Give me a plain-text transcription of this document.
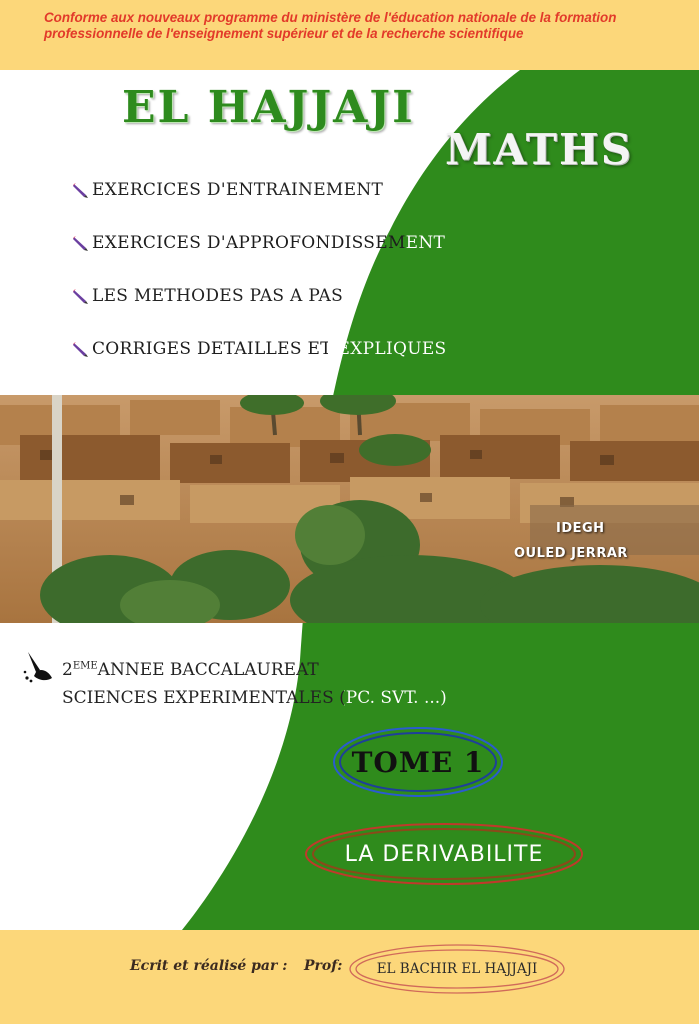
Conforme aux nouveaux programme du ministère de l'éducation nationale de la formation
professionnelle de l'enseignement supérieur et de la recherche scientifique
EL HAJJAJI
MATHS
EXERCICES D'ENTRAINEMENT
EXERCICES D'APPROFONDISSEMENT
LES METHODES PAS A PAS
CORRIGES DETAILLES ET EXPLIQUES
IDEGH
OULED JERRAR
2EMEANNEE BACCALAUREAT
SCIENCES EXPERIMENTALES (PC. SVT. ...)
TOME 1
LA DERIVABILITE
Ecrit et réalisé par : Prof:	EL BACHIR EL HAJJAJI
